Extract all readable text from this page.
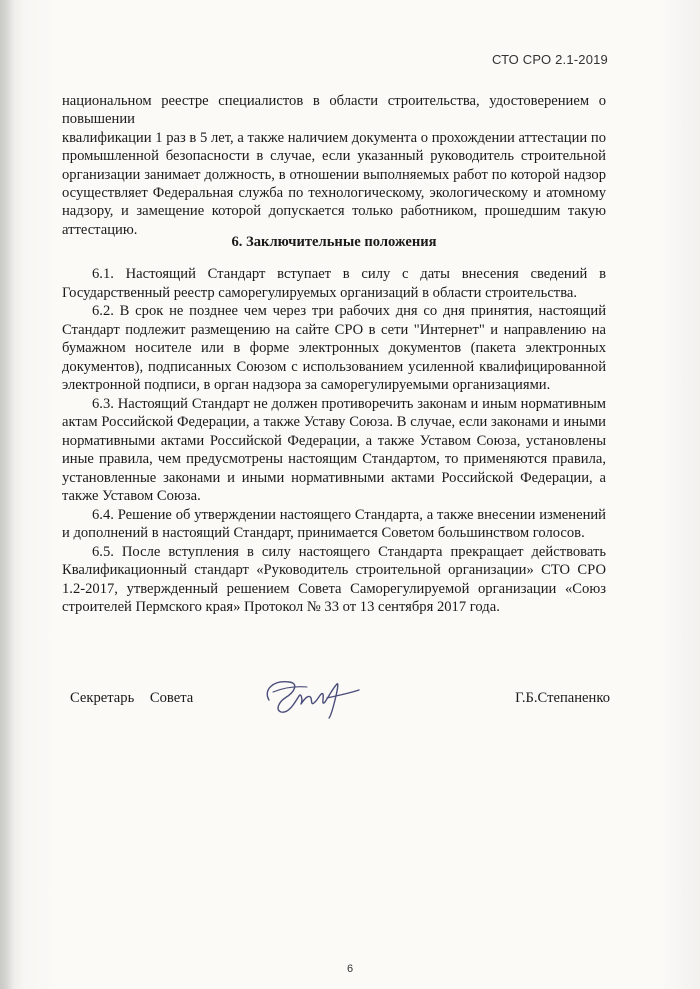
СТО СРО 2.1-2019
национальном реестре специалистов в области строительства, удостоверением о повышении
квалификации 1 раз в 5 лет, а также наличием документа о прохождении аттестации по
промышленной безопасности в случае, если указанный руководитель строительной
организации занимает должность, в отношении выполняемых работ по которой надзор
осуществляет Федеральная служба по технологическому, экологическому и атомному
надзору, и замещение которой допускается только работником, прошедшим такую
аттестацию.
6. Заключительные положения

6.1. Настоящий Стандарт вступает в силу с даты внесения сведений в Государственный реестр саморегулируемых организаций в области строительства.

6.2. В срок не позднее чем через три рабочих дня со дня принятия, настоящий Стандарт подлежит размещению на сайте СРО в сети "Интернет" и направлению на бумажном носителе или в форме электронных документов (пакета электронных документов), подписанных Союзом с использованием усиленной квалифицированной электронной подписи, в орган надзора за саморегулируемыми организациями.

6.3. Настоящий Стандарт не должен противоречить законам и иным нормативным актам Российской Федерации, а также Уставу Союза. В случае, если законами и иными нормативными актами Российской Федерации, а также Уставом Союза, установлены иные правила, чем предусмотрены настоящим Стандартом, то применяются правила, установленные законами и иными нормативными актами Российской Федерации, а также Уставом Союза.

6.4. Решение об утверждении настоящего Стандарта, а также внесении изменений и дополнений в настоящий Стандарт, принимается Советом большинством голосов.

6.5. После вступления в силу настоящего Стандарта прекращает действовать Квалификационный стандарт «Руководитель строительной организации» СТО СРО 1.2-2017, утвержденный решением Совета Саморегулируемой организации «Союз строителей Пермского края» Протокол № 33 от 13 сентября 2017 года.

Секретарь Совета	Г.Б.Степаненко
6
